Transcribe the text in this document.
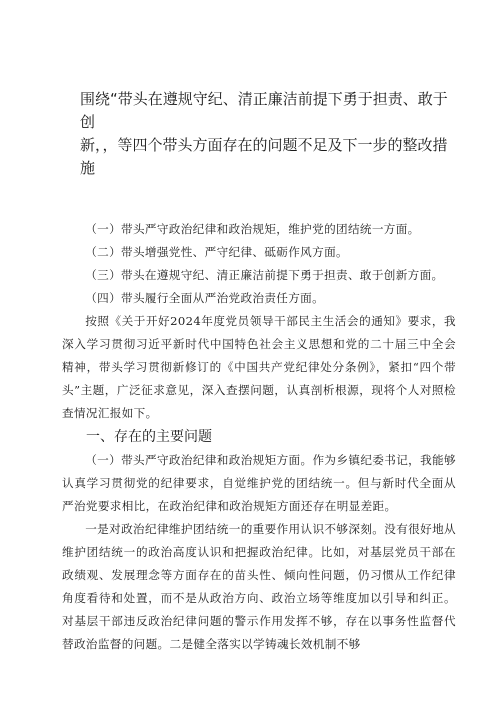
围绕“带头在遵规守纪、清正廉洁前提下勇于担责、敢于创
新，，等四个带头方面存在的问题不足及下一步的整改措施

（一）带头严守政治纪律和政治规矩，维护党的团结统一方面。

（二）带头增强党性、严守纪律、砥砺作风方面。

（三）带头在遵规守纪、清正廉洁前提下勇于担责、敢于创新方面。

（四）带头履行全面从严治党政治责任方面。

按照《关于开好2024年度党员领导干部民主生活会的通知》要求，我深入学习贯彻习近平新时代中国特色社会主义思想和党的二十届三中全会精神，带头学习贯彻新修订的《中国共产党纪律处分条例》，紧扣“四个带头”主题，广泛征求意见，深入查摆问题，认真剖析根源，现将个人对照检查情况汇报如下。

一、存在的主要问题

（一）带头严守政治纪律和政治规矩方面。作为乡镇纪委书记，我能够认真学习贯彻党的纪律要求，自觉维护党的团结统一。但与新时代全面从严治党要求相比，在政治纪律和政治规矩方面还存在明显差距。

一是对政治纪律维护团结统一的重要作用认识不够深刻。没有很好地从维护团结统一的政治高度认识和把握政治纪律。比如，对基层党员干部在政绩观、发展理念等方面存在的苗头性、倾向性问题，仍习惯从工作纪律角度看待和处置，而不是从政治方向、政治立场等维度加以引导和纠正。对基层干部违反政治纪律问题的警示作用发挥不够，存在以事务性监督代替政治监督的问题。二是健全落实以学铸魂长效机制不够
